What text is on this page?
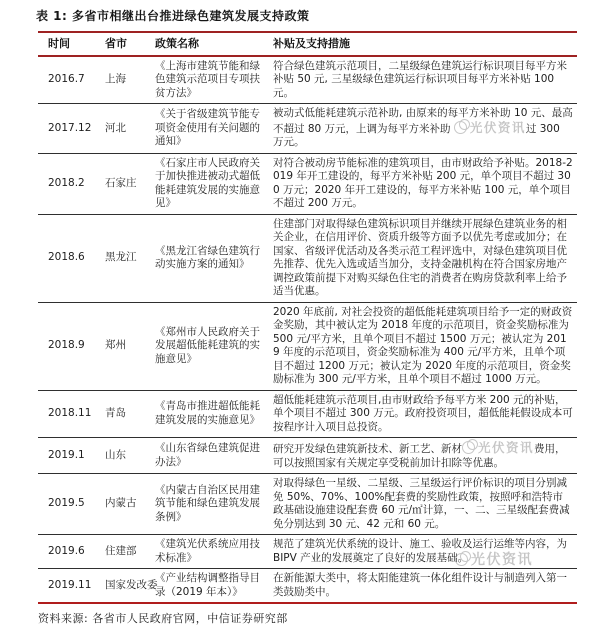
表 1: 多省市相继出台推进绿色建筑发展支持政策
时间	省市	政策名称	补贴及支持措施
2016.7	上海	《上海市建筑节能和绿色建筑示范项目专项扶贫方法》	符合绿色建筑示范项目，二星级绿色建筑运行标识项目每平方米补贴 50 元, 三星级绿色建筑运行标识项目每平方米补贴 100 元。
2017.12	河北	《关于省级建筑节能专项资金使用有关问题的通知》	被动式低能耗建筑示范补助, 由原来的每平方米补助 10 元、最高不超过 80 万元，上调为每平方米补助 光伏资讯过 300 万元。
2018.2	石家庄	《石家庄市人民政府关于加快推进被动式超低能耗建筑发展的实施意见》	对符合被动房节能标准的建筑项目，由市财政给予补贴。2018-2019 年开工建设的，每平方米补贴 200 元，单个项目不超过 300 万元；2020 年开工建设的，每平方米补贴 100 元，单个项目不超过 200 万元。
2018.6	黑龙江	《黑龙江省绿色建筑行动实施方案的通知》	住建部门对取得绿色建筑标识项目并继续开展绿色建筑业务的相关企业，在信用评价、资质升级等方面予以优先考虑或加分；在国家、省级评优活动及各类示范工程评选中，对绿色建筑项目优先推荐、优先入选或适当加分，支持金融机构在符合国家房地产调控政策前提下对购买绿色住宅的消费者在购房贷款利率上给予适当优惠。
2018.9	郑州	《郑州市人民政府关于发展超低能耗建筑的实施意见》	2020 年底前, 对社会投资的超低能耗建筑项目给予一定的财政资金奖励，其中被认定为 2018 年度的示范项目，资金奖励标准为 500 元/平方米，且单个项目不超过 1500 万元；被认定为 2019 年度的示范项目，资金奖励标准为 400 元/平方米，且单个项目不超过 1200 万元；被认定为 2020 年度的示范项目，资金奖励标准为 300 元/平方米，且单个项目不超过 1000 万元。
2018.11	青岛	《青岛市推进超低能耗建筑发展的实施意见》	超低能耗建筑示范项目,由市财政给予每平方米 200 元的补贴，单个项目不超过 300 万元。政府投资项目，超低能耗假设成本可按程序计入项目总投资。
2019.1	山东	《山东省绿色建筑促进办法》	研究开发绿色建筑新技术、新工艺、新材 光伏资讯费用，可以按照国家有关规定享受税前加计扣除等优惠。
2019.5	内蒙古	《内蒙古自治区民用建筑节能和绿色建筑发展条例》	对取得绿色一星级、二星级、三星级运行评价标识的项目分别减免 50%、70%、100%配套费的奖励性政策，按照呼和浩特市政基础设施建设配套费 60 元/㎡计算，一、二、三星级配套费减免分别达到 30 元、42 元和 60 元。
2019.6	住建部	《建筑光伏系统应用技术标准》	规范了建筑光伏系统的设计、施工、验收及运行运维等内容，为 BIPV 产业的发展奠定了良好的发展基础。
2019.11	国家发改委	《产业结构调整指导目录（2019 年本）》	在新能源大类中，将太阳能建筑一体化组件设计与制造列入第一类鼓励类中。
资料来源: 各省市人民政府官网，中信证券研究部
光伏资讯
